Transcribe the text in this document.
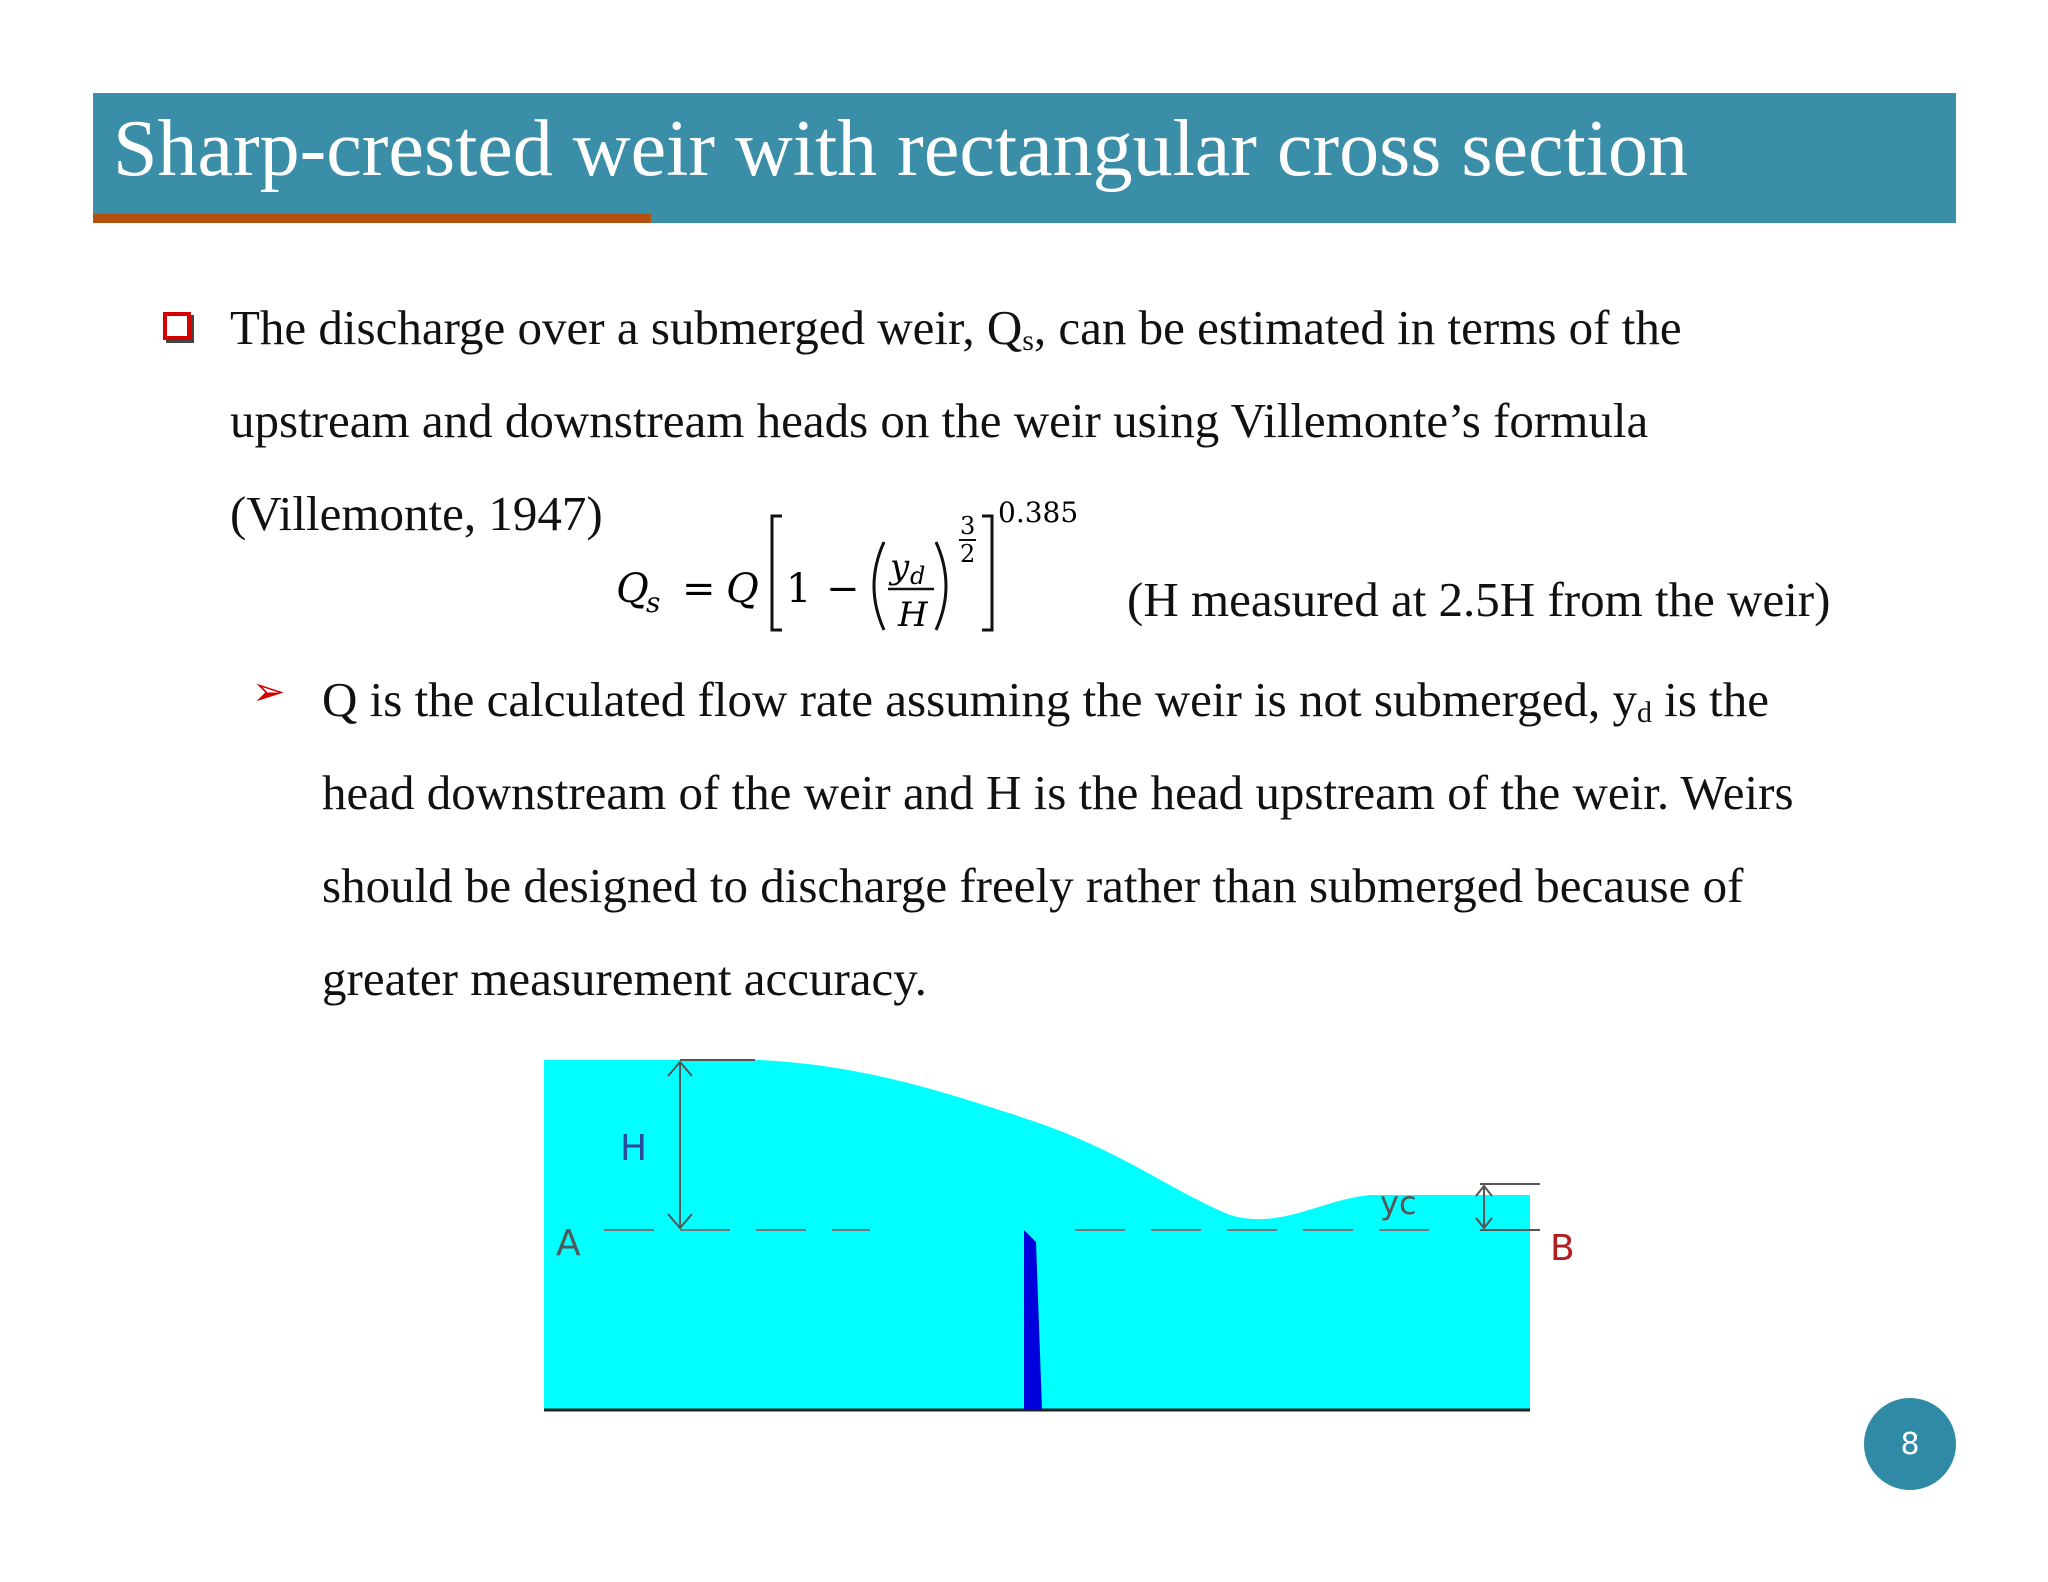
Sharp-crested weir with rectangular cross section
The discharge over a submerged weir, $Q_s$, can be estimated in terms of the
upstream and downstream heads on the weir using Villemonte’s formula
(Villemonte, 1947)
Q
s = Q 1 − y d
H
3
2
0.385
(H measured at 2.5H from the weir)
➢ Q is the calculated flow rate assuming the weir is not submerged, $y_d$ is the
head downstream of the weir and H is the head upstream of the weir. Weirs
should be designed to discharge freely rather than submerged because of
greater measurement accuracy.
H
A
yc
B
8
